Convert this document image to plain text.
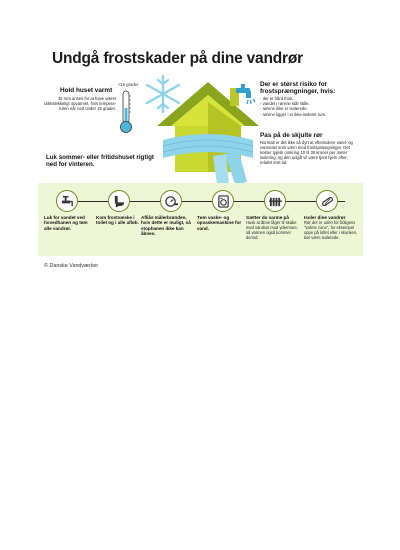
Undgå frostskader på dine vandrør
<15 grader
Hold huset varmt
Et rum anses for at have været utilstrækkeligt opvarmet, hvis tempera-turen når ned under 15 grader.
Luk sommer- eller fritidshuset rigtigt ned for vinteren.
Der er størst risiko for frostsprængninger, hvis:
- der er hård frost.
- vandet i rørene står stille.
- rørene ikke er isolerede.
- rørene ligger i et ikke-isoleret rum.
Pas på de skjulte rør
Normalt er det ikke så dyrt at efterisolere vand- og varmerør som værn mod frostsprængninger. Det koster typisk omkring 10 til 30 kroner per meter isolering, og den udgift vil være tjent hjem efter relativt kort tid.
Luk for vandet ved hovedhanen og tøm alle vandrør.
Kom frostvæske i toilet og i alle afløb.
Afliås målerbrønden, hvis dette er muligt, så stophanen ikke kan åbnes.
Tøm vaske- og opvaskemaskine for vand.
Sætter du varme på
Husk at åbne låger til skabe med vandrør mod ydermure, så varmen også kommer derind.
Isoler dine vandrør
Rør der er uden for boligens "varme zone", for eksempel oppe på loftet eller i skunken, bør være isolerede.
© Danske Vandværker
